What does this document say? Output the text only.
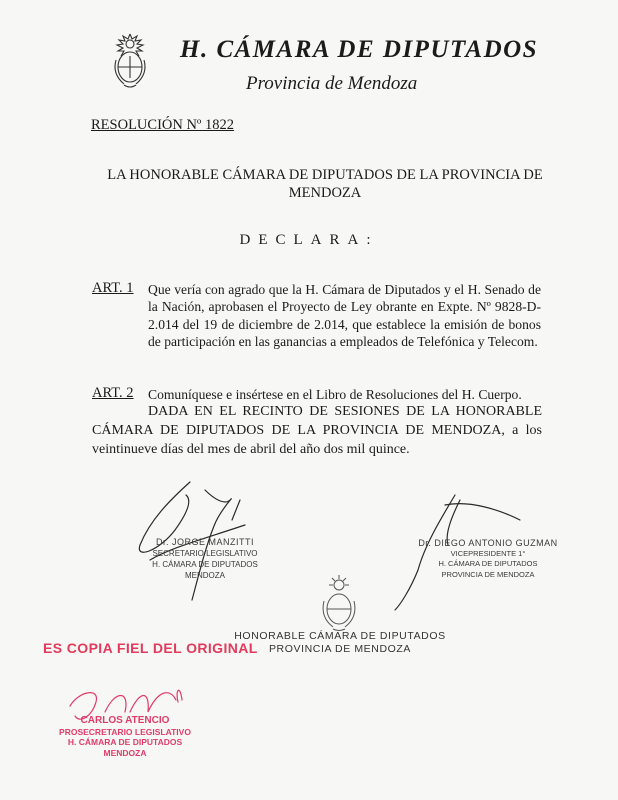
H. CÁMARA DE DIPUTADOS
Provincia de Mendoza
RESOLUCIÓN Nº 1822
LA HONORABLE CÁMARA DE DIPUTADOS DE LA PROVINCIA DE MENDOZA
DECLARA:
ART. 1 Que vería con agrado que la H. Cámara de Diputados y el H. Senado de la Nación, aprobasen el Proyecto de Ley obrante en Expte. Nº 9828-D-2.014 del 19 de diciembre de 2.014, que establece la emisión de bonos de participación en las ganancias a empleados de Telefónica y Telecom.
ART. 2 Comuníquese e insértese en el Libro de Resoluciones del H. Cuerpo.
DADA EN EL RECINTO DE SESIONES DE LA HONORABLE CÁMARA DE DIPUTADOS DE LA PROVINCIA DE MENDOZA, a los veintinueve días del mes de abril del año dos mil quince.
Dr. JORGE MANZITTI
SECRETARIO LEGISLATIVO
H. CÁMARA DE DIPUTADOS
MENDOZA
Dr. DIEGO ANTONIO GUZMAN
VICEPRESIDENTE 1°
H. CÁMARA DE DIPUTADOS
PROVINCIA DE MENDOZA
HONORABLE CÁMARA DE DIPUTADOS
PROVINCIA DE MENDOZA
ES COPIA FIEL DEL ORIGINAL
CARLOS ATENCIO
PROSECRETARIO LEGISLATIVO
H. CÁMARA DE DIPUTADOS
MENDOZA
